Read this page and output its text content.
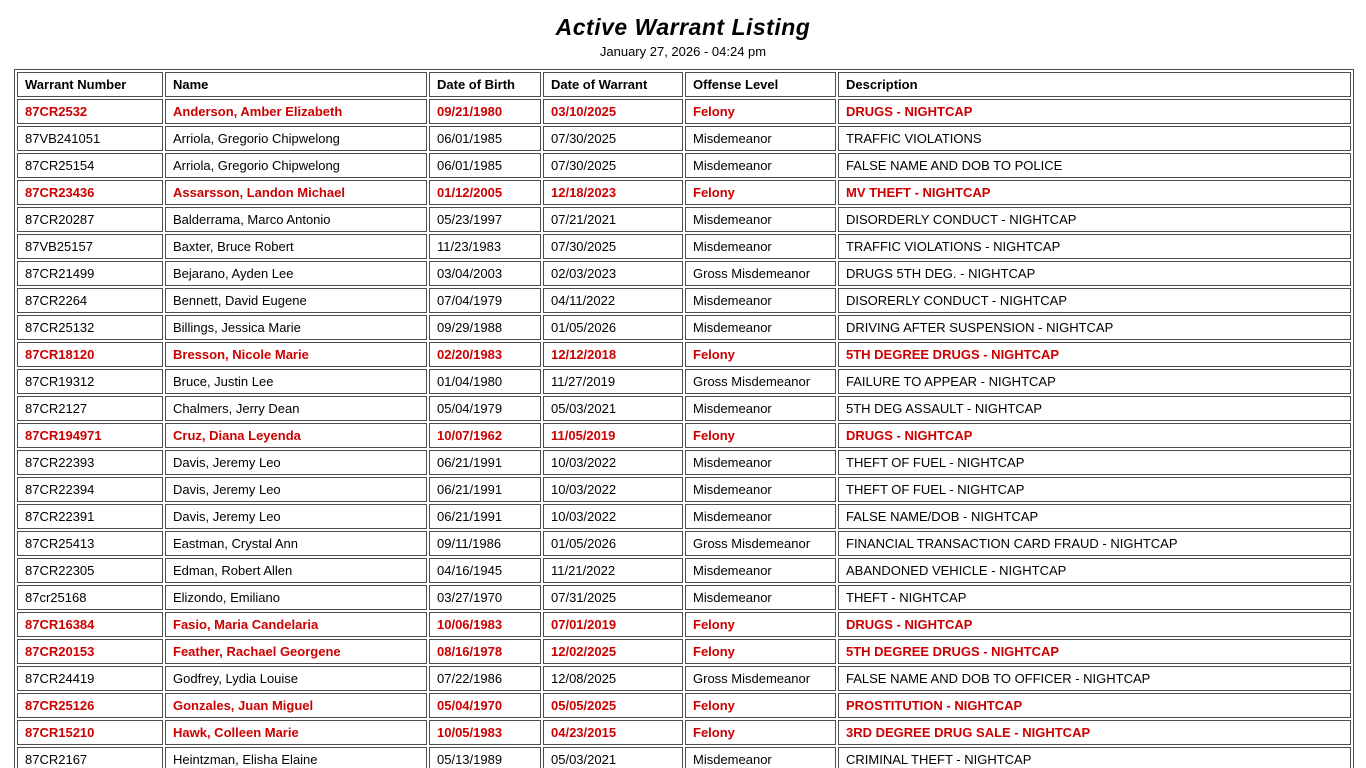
Active Warrant Listing
January 27, 2026 - 04:24 pm
Warrant Number	Name	Date of Birth	Date of Warrant	Offense Level	Description
87CR2532	Anderson, Amber Elizabeth	09/21/1980	03/10/2025	Felony	DRUGS - NIGHTCAP
87VB241051	Arriola, Gregorio Chipwelong	06/01/1985	07/30/2025	Misdemeanor	TRAFFIC VIOLATIONS
87CR25154	Arriola, Gregorio Chipwelong	06/01/1985	07/30/2025	Misdemeanor	FALSE NAME AND DOB TO POLICE
87CR23436	Assarsson, Landon Michael	01/12/2005	12/18/2023	Felony	MV THEFT - NIGHTCAP
87CR20287	Balderrama, Marco Antonio	05/23/1997	07/21/2021	Misdemeanor	DISORDERLY CONDUCT - NIGHTCAP
87VB25157	Baxter, Bruce Robert	11/23/1983	07/30/2025	Misdemeanor	TRAFFIC VIOLATIONS - NIGHTCAP
87CR21499	Bejarano, Ayden Lee	03/04/2003	02/03/2023	Gross Misdemeanor	DRUGS 5TH DEG. - NIGHTCAP
87CR2264	Bennett, David Eugene	07/04/1979	04/11/2022	Misdemeanor	DISORERLY CONDUCT - NIGHTCAP
87CR25132	Billings, Jessica Marie	09/29/1988	01/05/2026	Misdemeanor	DRIVING AFTER SUSPENSION - NIGHTCAP
87CR18120	Bresson, Nicole Marie	02/20/1983	12/12/2018	Felony	5TH DEGREE DRUGS - NIGHTCAP
87CR19312	Bruce, Justin Lee	01/04/1980	11/27/2019	Gross Misdemeanor	FAILURE TO APPEAR - NIGHTCAP
87CR2127	Chalmers, Jerry Dean	05/04/1979	05/03/2021	Misdemeanor	5TH DEG ASSAULT - NIGHTCAP
87CR194971	Cruz, Diana Leyenda	10/07/1962	11/05/2019	Felony	DRUGS - NIGHTCAP
87CR22393	Davis, Jeremy Leo	06/21/1991	10/03/2022	Misdemeanor	THEFT OF FUEL - NIGHTCAP
87CR22394	Davis, Jeremy Leo	06/21/1991	10/03/2022	Misdemeanor	THEFT OF FUEL - NIGHTCAP
87CR22391	Davis, Jeremy Leo	06/21/1991	10/03/2022	Misdemeanor	FALSE NAME/DOB - NIGHTCAP
87CR25413	Eastman, Crystal Ann	09/11/1986	01/05/2026	Gross Misdemeanor	FINANCIAL TRANSACTION CARD FRAUD - NIGHTCAP
87CR22305	Edman, Robert Allen	04/16/1945	11/21/2022	Misdemeanor	ABANDONED VEHICLE - NIGHTCAP
87cr25168	Elizondo, Emiliano	03/27/1970	07/31/2025	Misdemeanor	THEFT - NIGHTCAP
87CR16384	Fasio, Maria Candelaria	10/06/1983	07/01/2019	Felony	DRUGS - NIGHTCAP
87CR20153	Feather, Rachael Georgene	08/16/1978	12/02/2025	Felony	5TH DEGREE DRUGS - NIGHTCAP
87CR24419	Godfrey, Lydia Louise	07/22/1986	12/08/2025	Gross Misdemeanor	FALSE NAME AND DOB TO OFFICER - NIGHTCAP
87CR25126	Gonzales, Juan Miguel	05/04/1970	05/05/2025	Felony	PROSTITUTION - NIGHTCAP
87CR15210	Hawk, Colleen Marie	10/05/1983	04/23/2015	Felony	3RD DEGREE DRUG SALE - NIGHTCAP
87CR2167	Heintzman, Elisha Elaine	05/13/1989	05/03/2021	Misdemeanor	CRIMINAL THEFT - NIGHTCAP
